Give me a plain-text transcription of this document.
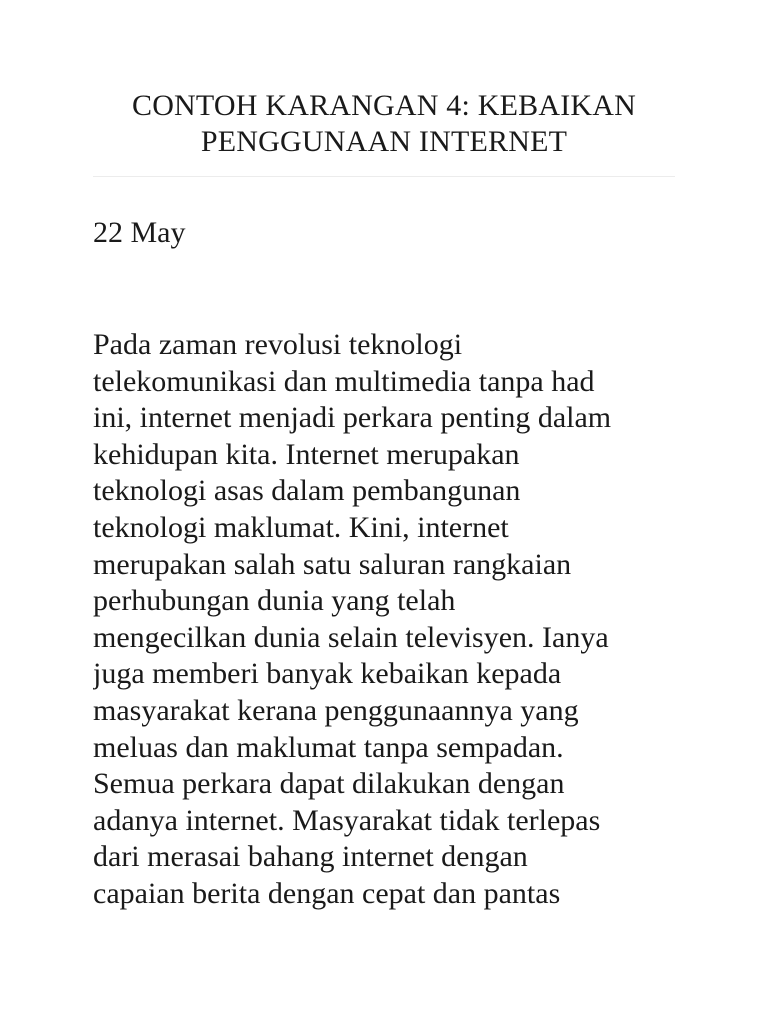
CONTOH KARANGAN 4: KEBAIKAN
PENGGUNAAN INTERNET
22 May
Pada zaman revolusi teknologi
telekomunikasi dan multimedia tanpa had
ini, internet menjadi perkara penting dalam
kehidupan kita. Internet merupakan
teknologi asas dalam pembangunan
teknologi maklumat. Kini, internet
merupakan salah satu saluran rangkaian
perhubungan dunia yang telah
mengecilkan dunia selain televisyen. Ianya
juga memberi banyak kebaikan kepada
masyarakat kerana penggunaannya yang
meluas dan maklumat tanpa sempadan.
Semua perkara dapat dilakukan dengan
adanya internet. Masyarakat tidak terlepas
dari merasai bahang internet dengan
capaian berita dengan cepat dan pantas
